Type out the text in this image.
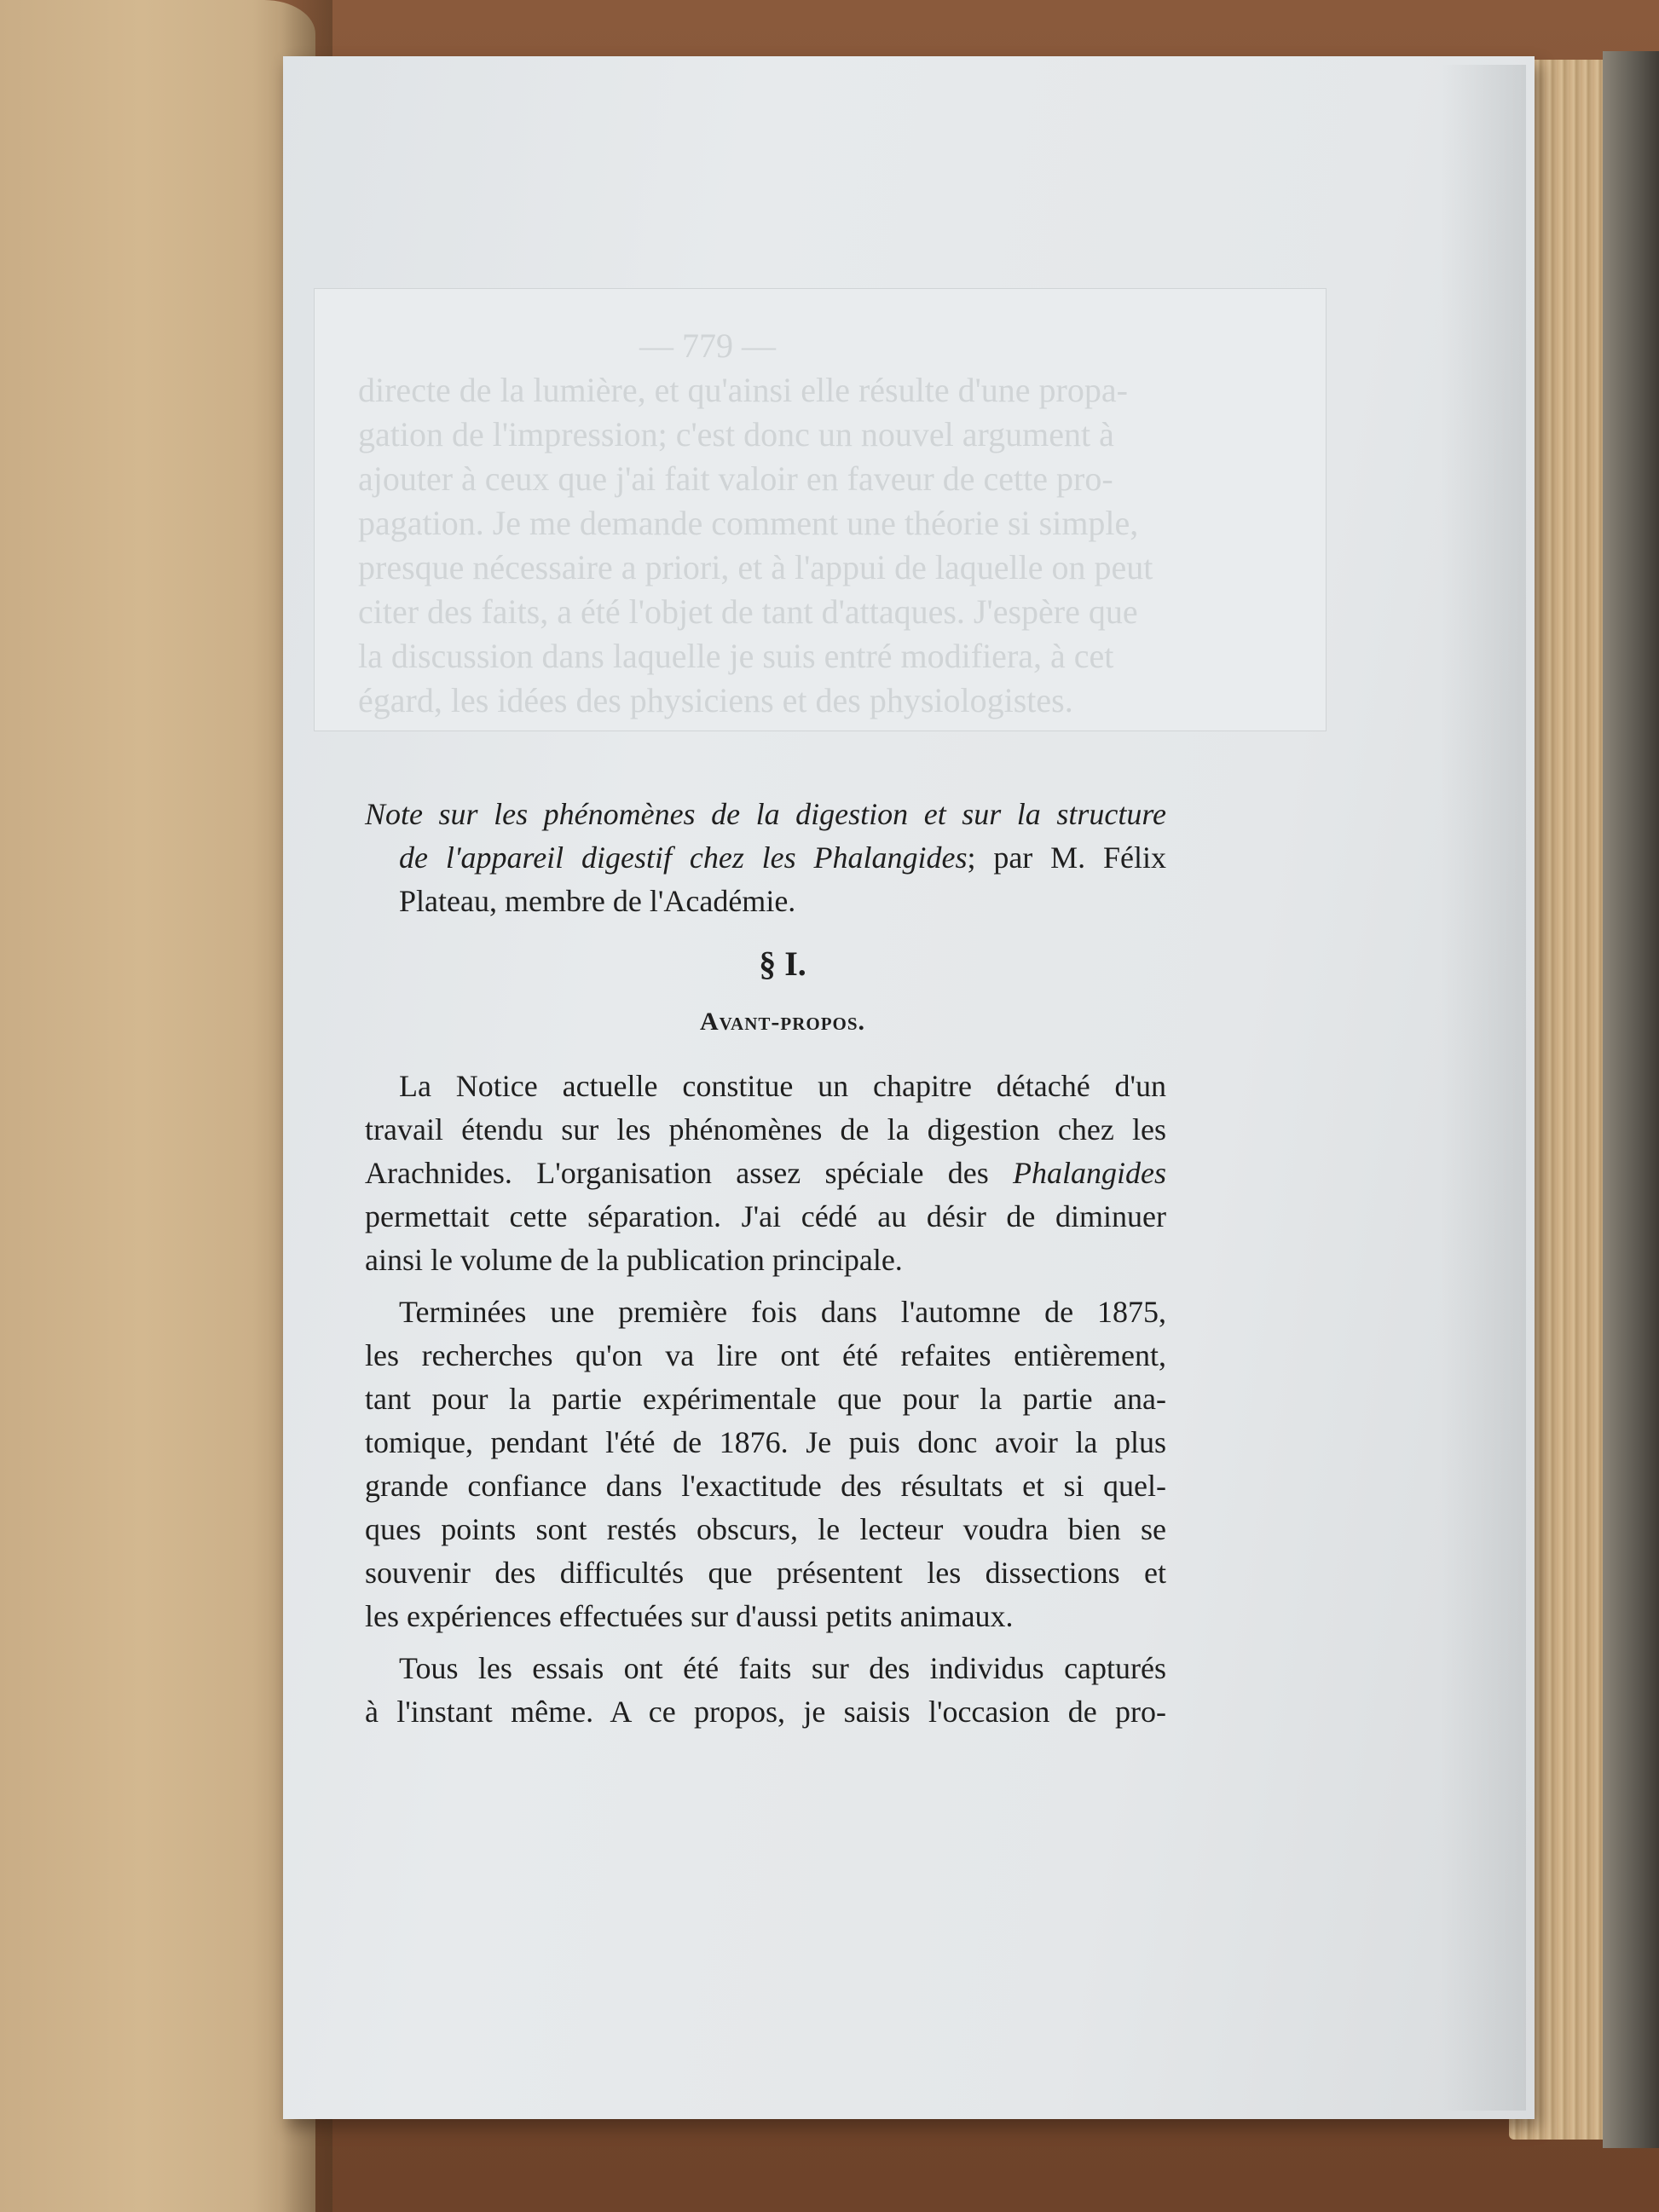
— 779 —
directe de la lumière, et qu'ainsi elle résulte d'une propa-
gation de l'impression; c'est donc un nouvel argument à
ajouter à ceux que j'ai fait valoir en faveur de cette pro-
pagation. Je me demande comment une théorie si simple,
presque nécessaire a priori, et à l'appui de laquelle on peut
citer des faits, a été l'objet de tant d'attaques. J'espère que
la discussion dans laquelle je suis entré modifiera, à cet
égard, les idées des physiciens et des physiologistes.

Note sur les phénomènes de la digestion et sur la structure
de l'appareil digestif chez les Phalangides; par M. Félix
Plateau, membre de l'Académie.

§ I.
Avant-propos.

La Notice actuelle constitue un chapitre détaché d'un
travail étendu sur les phénomènes de la digestion chez les
Arachnides. L'organisation assez spéciale des Phalangides
permettait cette séparation. J'ai cédé au désir de diminuer
ainsi le volume de la publication principale.

Terminées une première fois dans l'automne de 1875,
les recherches qu'on va lire ont été refaites entièrement,
tant pour la partie expérimentale que pour la partie ana-
tomique, pendant l'été de 1876. Je puis donc avoir la plus
grande confiance dans l'exactitude des résultats et si quel-
ques points sont restés obscurs, le lecteur voudra bien se
souvenir des difficultés que présentent les dissections et
les expériences effectuées sur d'aussi petits animaux.

Tous les essais ont été faits sur des individus capturés
à l'instant même. A ce propos, je saisis l'occasion de pro-
